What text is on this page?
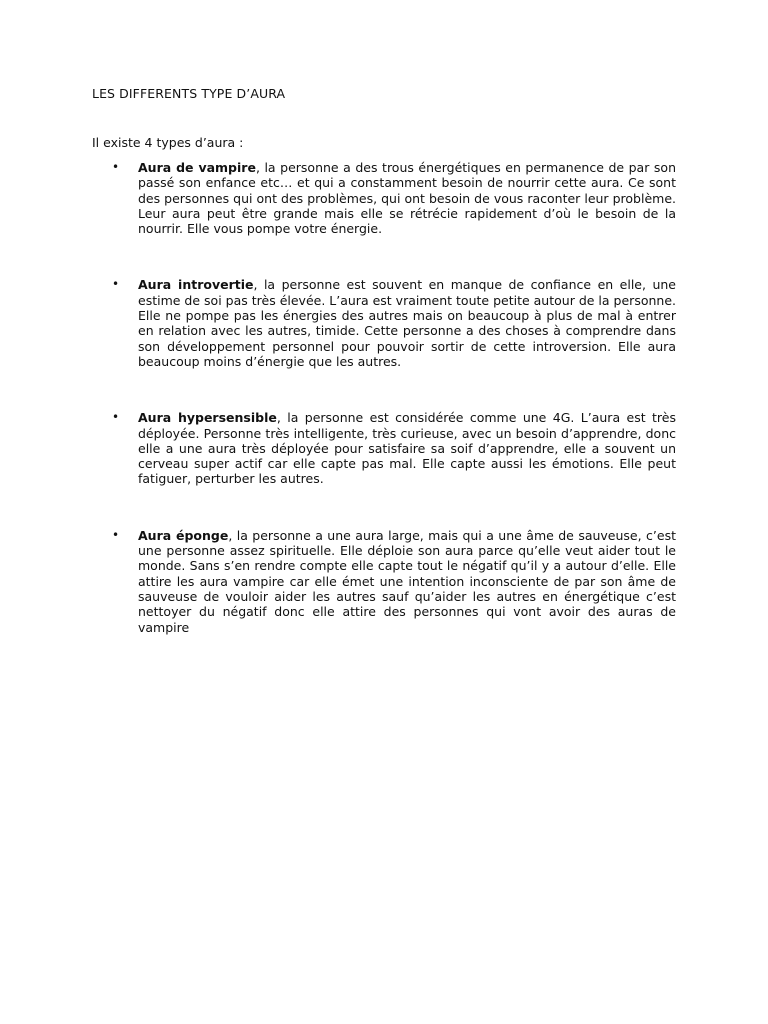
LES DIFFERENTS TYPE D’AURA
Il existe 4 types d’aura :
• Aura de vampire, la personne a des trous énergétiques en permanence de par son passé son enfance etc… et qui a constamment besoin de nourrir cette aura. Ce sont des personnes qui ont des problèmes, qui ont besoin de vous raconter leur problème. Leur aura peut être grande mais elle se rétrécie rapidement d’où le besoin de la nourrir. Elle vous pompe votre énergie.
• Aura introvertie, la personne est souvent en manque de confiance en elle, une estime de soi pas très élevée. L’aura est vraiment toute petite autour de la personne. Elle ne pompe pas les énergies des autres mais on beaucoup à plus de mal à entrer en relation avec les autres, timide. Cette personne a des choses à comprendre dans son développement personnel pour pouvoir sortir de cette introversion. Elle aura beaucoup moins d’énergie que les autres.
• Aura hypersensible, la personne est considérée comme une 4G. L’aura est très déployée. Personne très intelligente, très curieuse, avec un besoin d’apprendre, donc elle a une aura très déployée pour satisfaire sa soif d’apprendre, elle a souvent un cerveau super actif car elle capte pas mal. Elle capte aussi les émotions. Elle peut fatiguer, perturber les autres.
• Aura éponge, la personne a une aura large, mais qui a une âme de sauveuse, c’est une personne assez spirituelle. Elle déploie son aura parce qu’elle veut aider tout le monde. Sans s’en rendre compte elle capte tout le négatif qu’il y a autour d’elle. Elle attire les aura vampire car elle émet une intention inconsciente de par son âme de sauveuse de vouloir aider les autres sauf qu’aider les autres en énergétique c’est nettoyer du négatif donc elle attire des personnes qui vont avoir des auras de vampire
